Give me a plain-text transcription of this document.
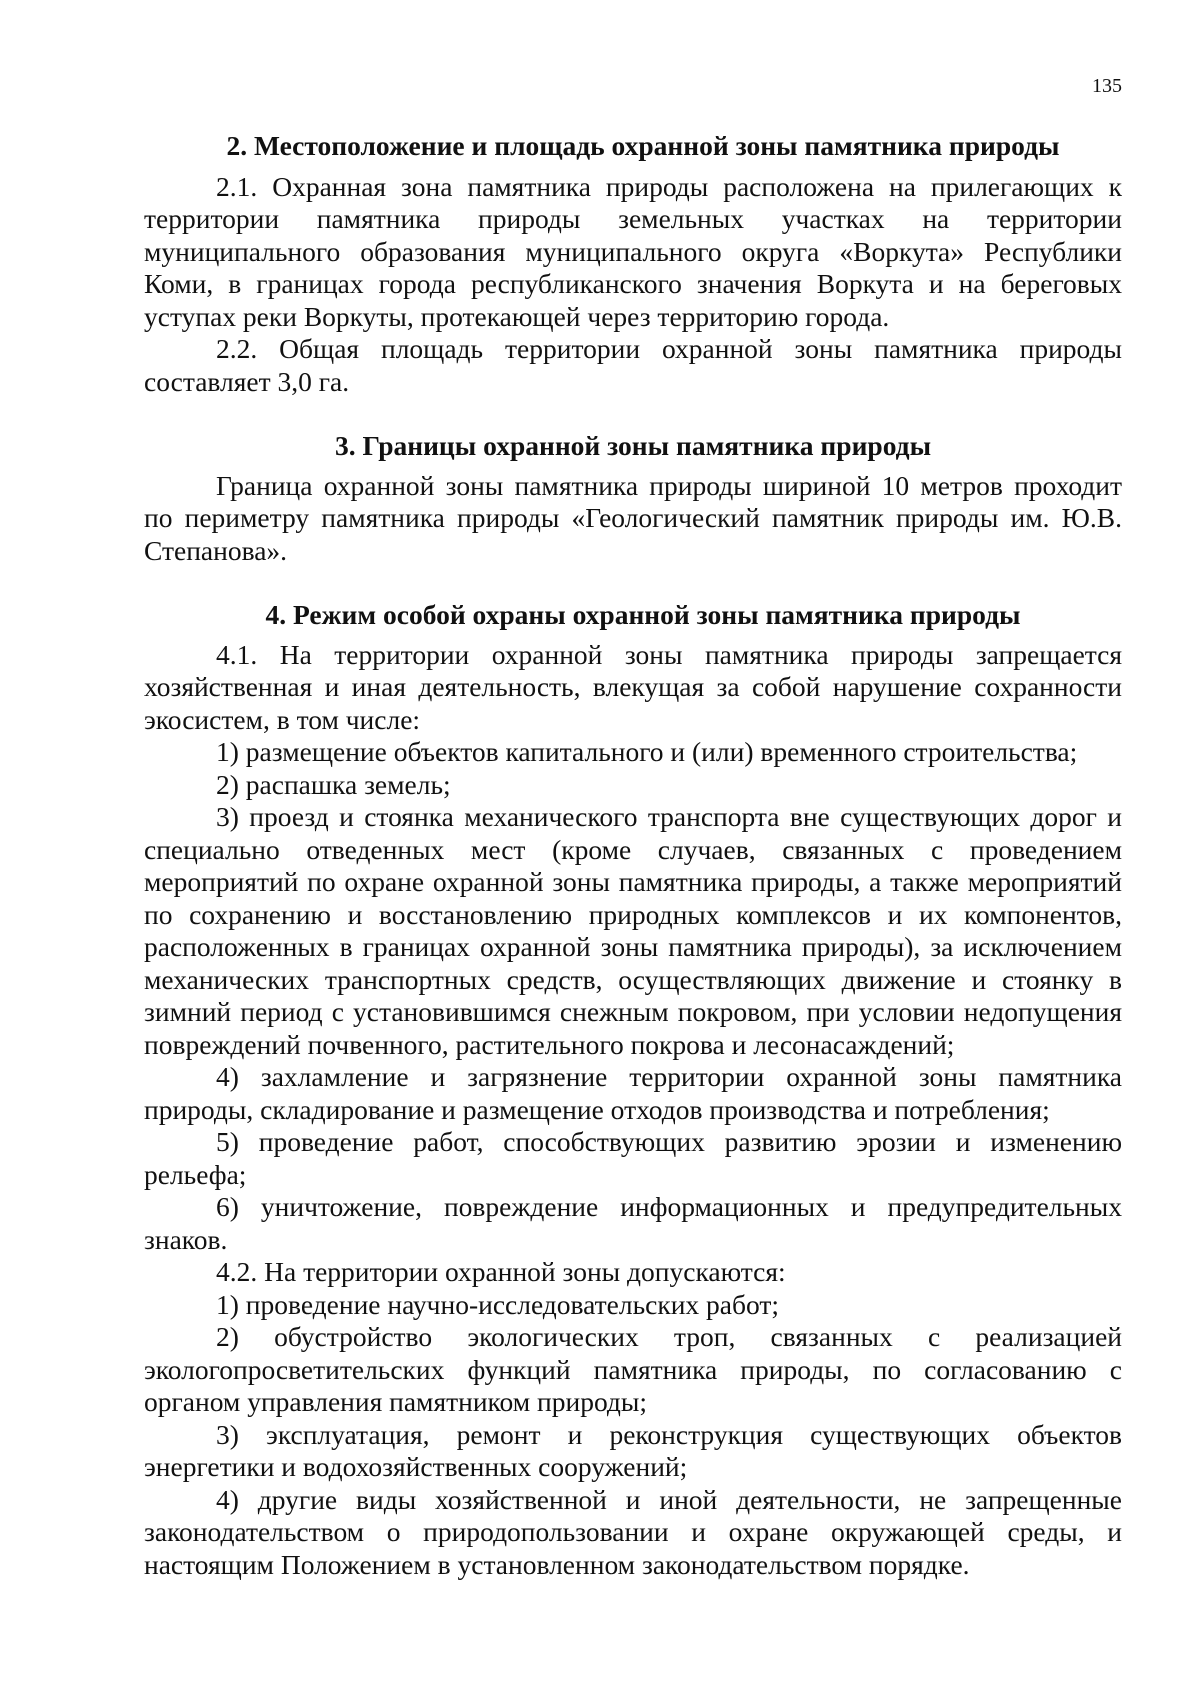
135
2. Местоположение и площадь охранной зоны памятника природы

2.1. Охранная зона памятника природы расположена на прилегающих к территории памятника природы земельных участках на территории муниципального образования муниципального округа «Воркута» Республики Коми, в границах города республиканского значения Воркута и на береговых уступах реки Воркуты, протекающей через территорию города.

2.2. Общая площадь территории охранной зоны памятника природы составляет 3,0 га.

3. Границы охранной зоны памятника природы

Граница охранной зоны памятника природы шириной 10 метров проходит по периметру памятника природы «Геологический памятник природы им. Ю.В. Степанова».

4. Режим особой охраны охранной зоны памятника природы

4.1. На территории охранной зоны памятника природы запрещается хозяйственная и иная деятельность, влекущая за собой нарушение сохранности экосистем, в том числе:

1) размещение объектов капитального и (или) временного строительства;

2) распашка земель;

3) проезд и стоянка механического транспорта вне существующих дорог и специально отведенных мест (кроме случаев, связанных с проведением мероприятий по охране охранной зоны памятника природы, а также мероприятий по сохранению и восстановлению природных комплексов и их компонентов, расположенных в границах охранной зоны памятника природы), за исключением механических транспортных средств, осуществляющих движение и стоянку в зимний период с установившимся снежным покровом, при условии недопущения повреждений почвенного, растительного покрова и лесонасаждений;

4) захламление и загрязнение территории охранной зоны памятника природы, складирование и размещение отходов производства и потребления;

5) проведение работ, способствующих развитию эрозии и изменению рельефа;

6) уничтожение, повреждение информационных и предупредительных знаков.

4.2. На территории охранной зоны допускаются:

1) проведение научно-исследовательских работ;

2) обустройство экологических троп, связанных с реализацией экологопросветительских функций памятника природы, по согласованию с органом управления памятником природы;

3) эксплуатация, ремонт и реконструкция существующих объектов энергетики и водохозяйственных сооружений;

4) другие виды хозяйственной и иной деятельности, не запрещенные законодательством о природопользовании и охране окружающей среды, и настоящим Положением в установленном законодательством порядке.
